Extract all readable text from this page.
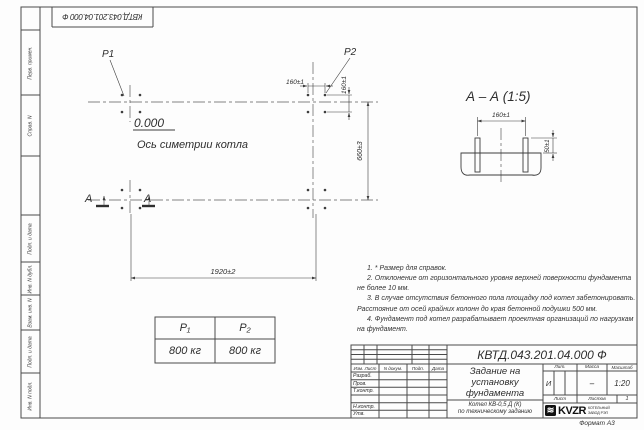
P1	P2
0.000
Ось симетрии котла
А	А
160±1	160±1
660±3
1920±2
А – А (1:5)
160±1
50±1
Перв. примен.
Справ. N
Подп. и дата
Инв. N дубл.
Взам. инв. N
Подп. и дата
Инв. N подл.
КВТД.043.201.04.000 Ф
P₁	P₂
800 кг	800 кг

1. * Размер для справок.

2. Отклонение от горизонтального уровня верхней поверхности фундамента не более 10 мм.

3. В случае отсутствия бетонного пола площадку под котел забетонировать. Расстояние от осей крайних колонн до края бетонной подушки 500 мм.

4. Фундамент под котел разрабатывает проектная организаций по нагрузкам на фундамент.

КВТД.043.201.04.000 Ф
Изм. Лист N докум. Подп. Дата
Разраб.
Пров.
Т.контр.
Н.контр.
Утв.
Задание на
установку
фундамента
Котел КВ-0,5 Д (К)
по техническому заданию
Лит.	Масса	Масштаб
И	– 1:20
Лист	Листов	1
≋ KVZR КОТЕЛЬНЫЙ
ЗАВОД РЭП
Формат А3
